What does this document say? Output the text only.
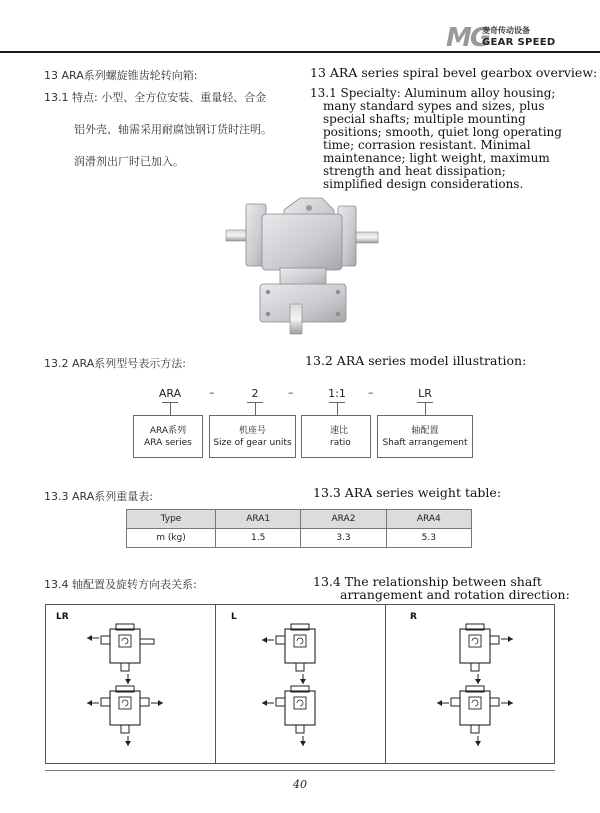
MG
麦奇传动设备
GEAR SPEED
13 ARA系列螺旋锥齿轮转向箱:	13 ARA series spiral bevel gearbox overview:
13.1 特点: 小型、全方位安装、重量轻、合金
铝外壳、轴需采用耐腐蚀钢订货时注明。
润滑剂出厂时已加入。
13.1 Specialty: Aluminum alloy housing;
many standard sypes and sizes, plus
special shafts; multiple mounting
positions; smooth, quiet long operating
time; corrasion resistant. Minimal
maintenance; light weight, maximum
strength and heat dissipation;
simplified design considerations.
13.2 ARA系列型号表示方法:	13.2 ARA series model illustration:
ARA	–	2	–	1:1	–	LR
ARA系列
ARA series
机座号
Size of gear units
速比
ratio
轴配置
Shaft arrangement
13.3 ARA系列重量表:	13.3 ARA series weight table:
Type	ARA1	ARA2	ARA4
m (kg)	1.5	3.3	5.3
13.4 轴配置及旋转方向表关系:	13.4 The relationship between shaft
arrangement and rotation direction:
LR	L	R
40
